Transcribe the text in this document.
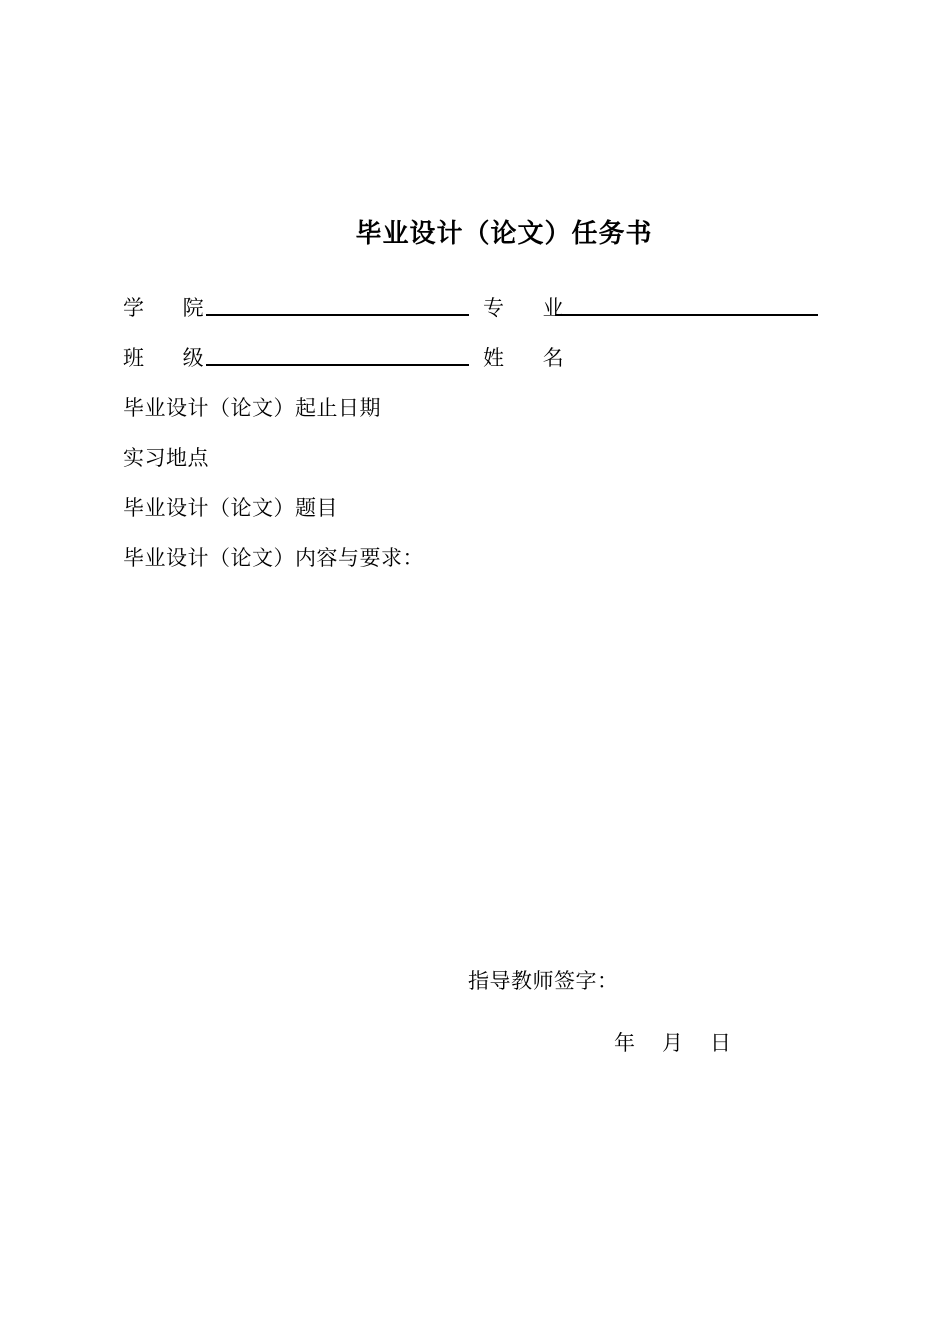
毕业设计（论文）任务书
学 院	专 业
班 级	姓 名
毕业设计（论文）起止日期
实习地点
毕业设计（论文）题目
毕业设计（论文）内容与要求：
指导教师签字：
年 月 日
